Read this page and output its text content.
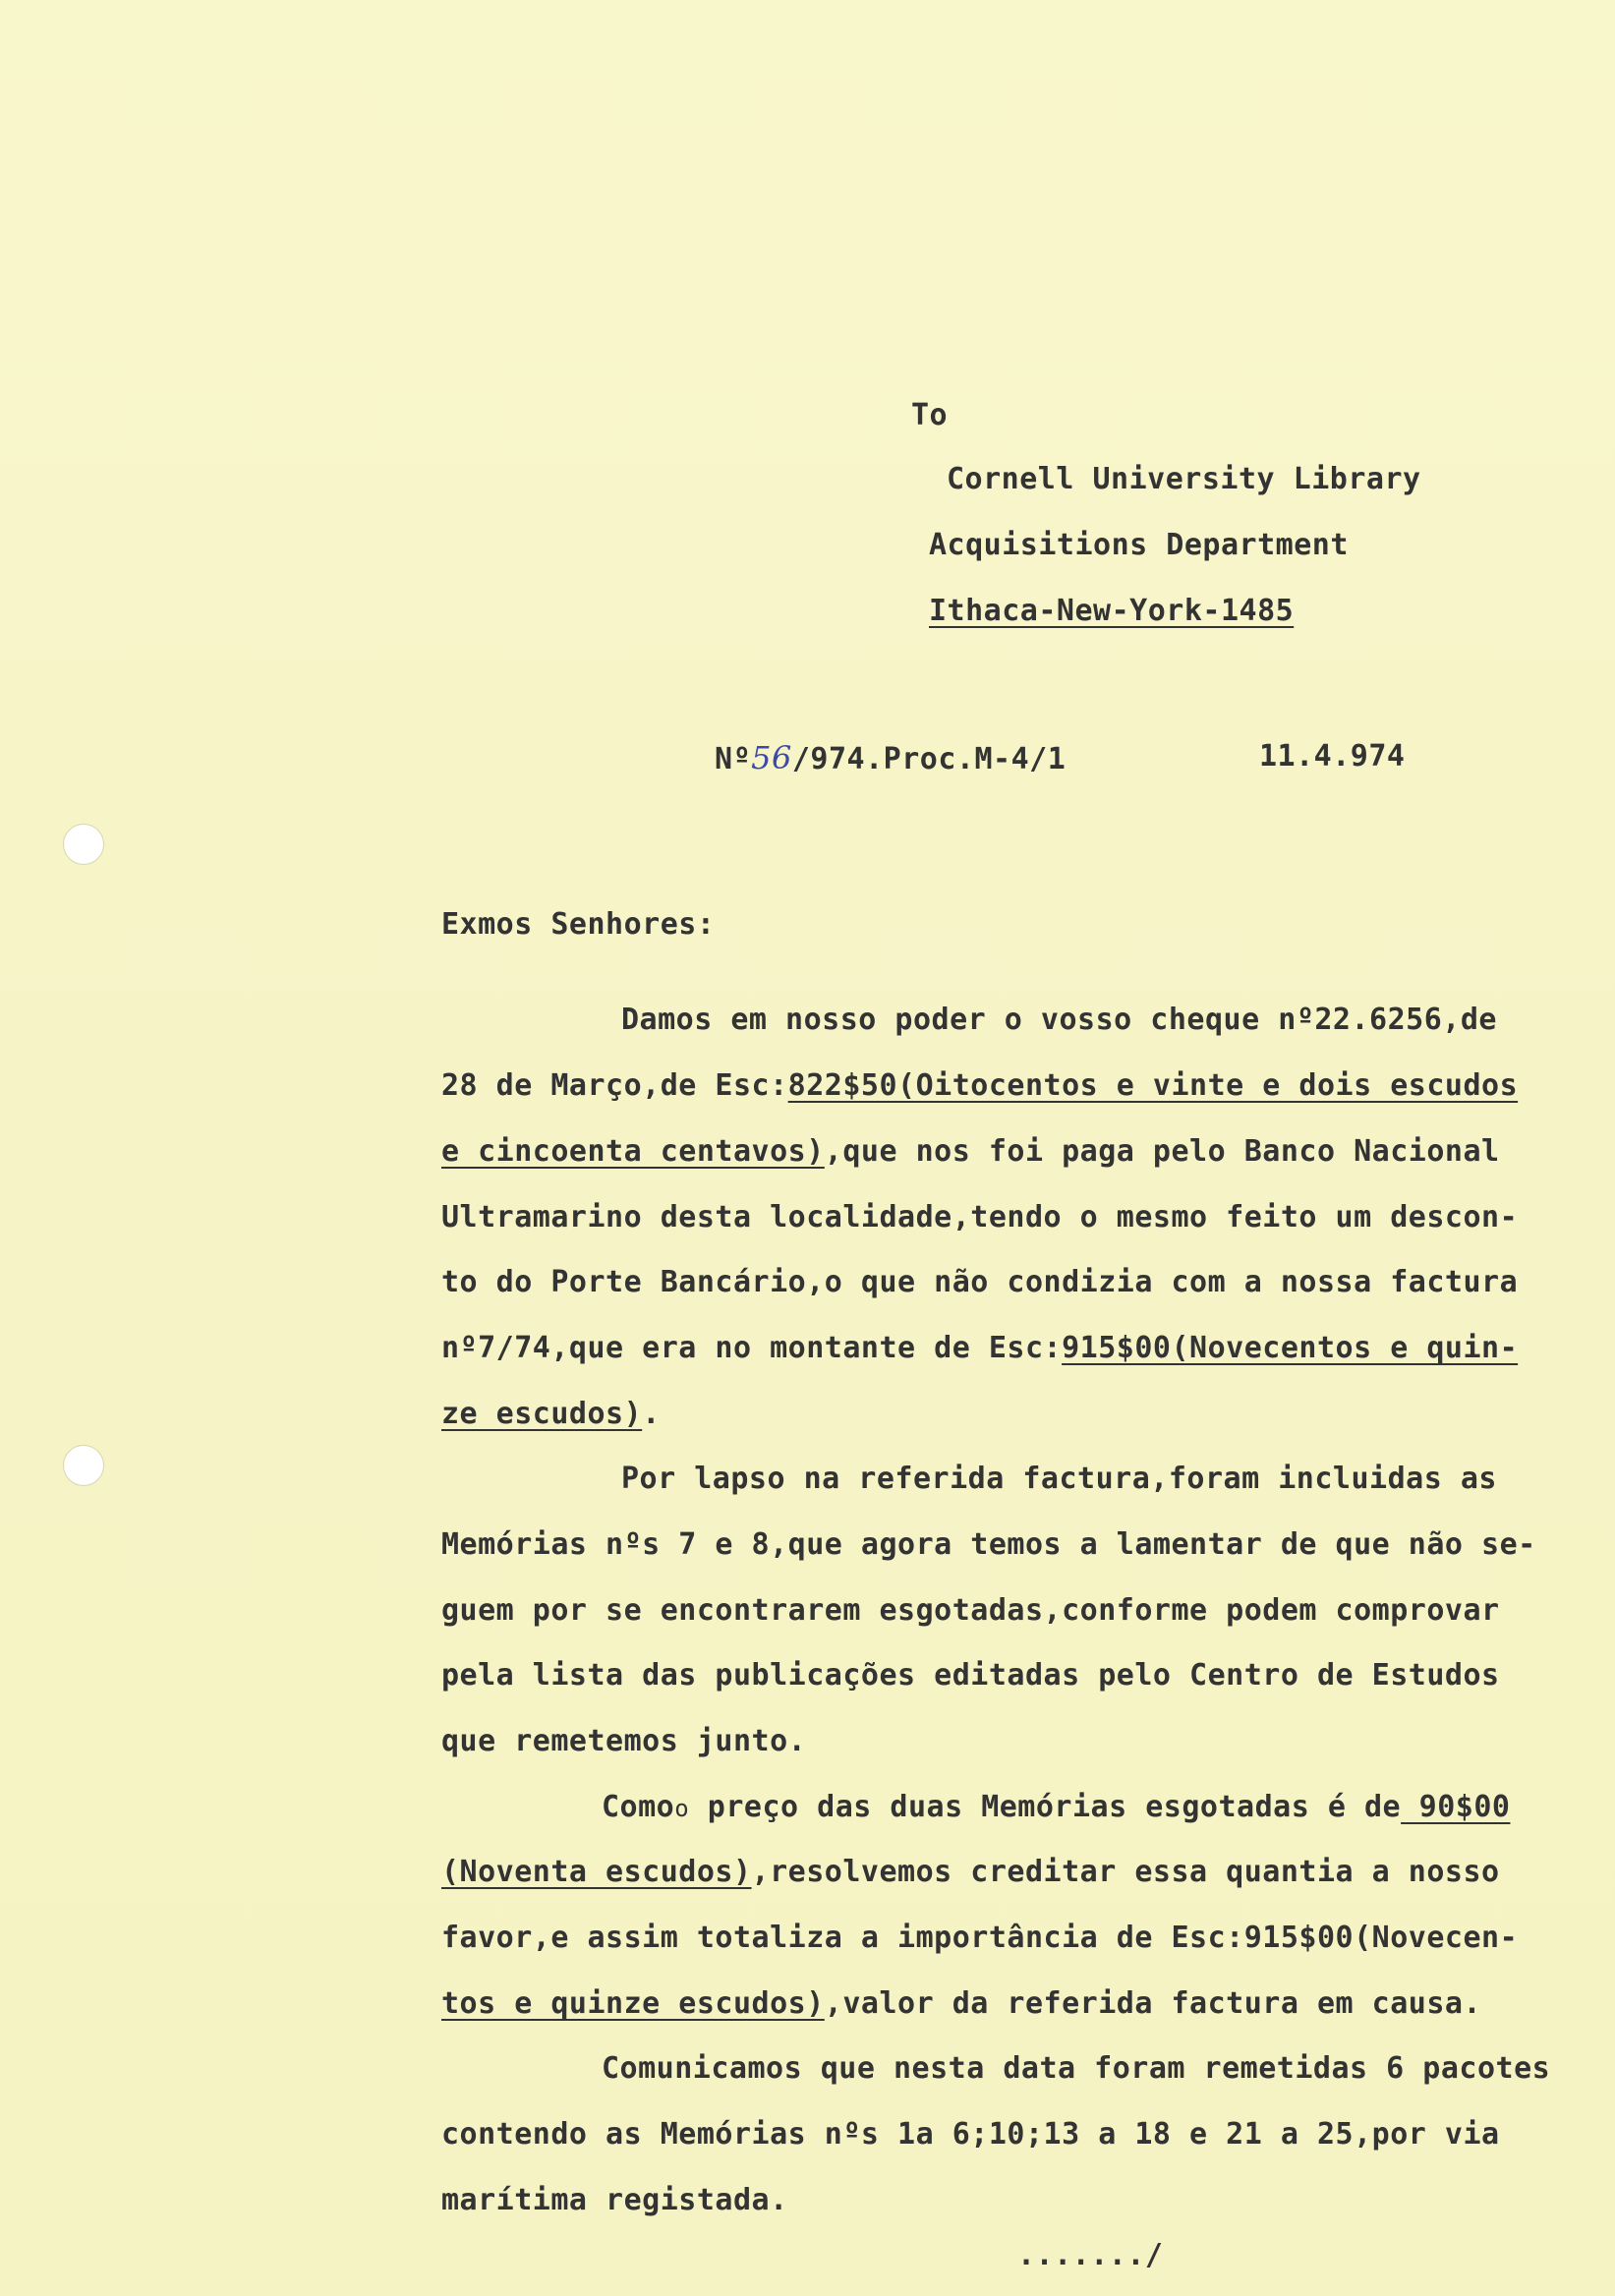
To
Cornell University Library
Acquisitions Department
Ithaca-New-York-1485
Nº56/974.Proc.M-4/1	11.4.974
Exmos Senhores:
Damos em nosso poder o vosso cheque nº22.6256,de
28 de Março,de Esc:822$50(Oitocentos e vinte e dois escudos
e cincoenta centavos),que nos foi paga pelo Banco Nacional
Ultramarino desta localidade,tendo o mesmo feito um descon-
to do Porte Bancário,o que não condizia com a nossa factura
nº7/74,que era no montante de Esc:915$00(Novecentos e quin-
ze escudos).
Por lapso na referida factura,foram incluidas as
Memórias nºs 7 e 8,que agora temos a lamentar de que não se-
guem por se encontrarem esgotadas,conforme podem comprovar
pela lista das publicações editadas pelo Centro de Estudos
que remetemos junto.
Comoo preço das duas Memórias esgotadas é de 90$00
(Noventa escudos),resolvemos creditar essa quantia a nosso
favor,e assim totaliza a importância de Esc:915$00(Novecen-
tos e quinze escudos),valor da referida factura em causa.
Comunicamos que nesta data foram remetidas 6 pacotes
contendo as Memórias nºs 1a 6;10;13 a 18 e 21 a 25,por via
marítima registada.
......./
